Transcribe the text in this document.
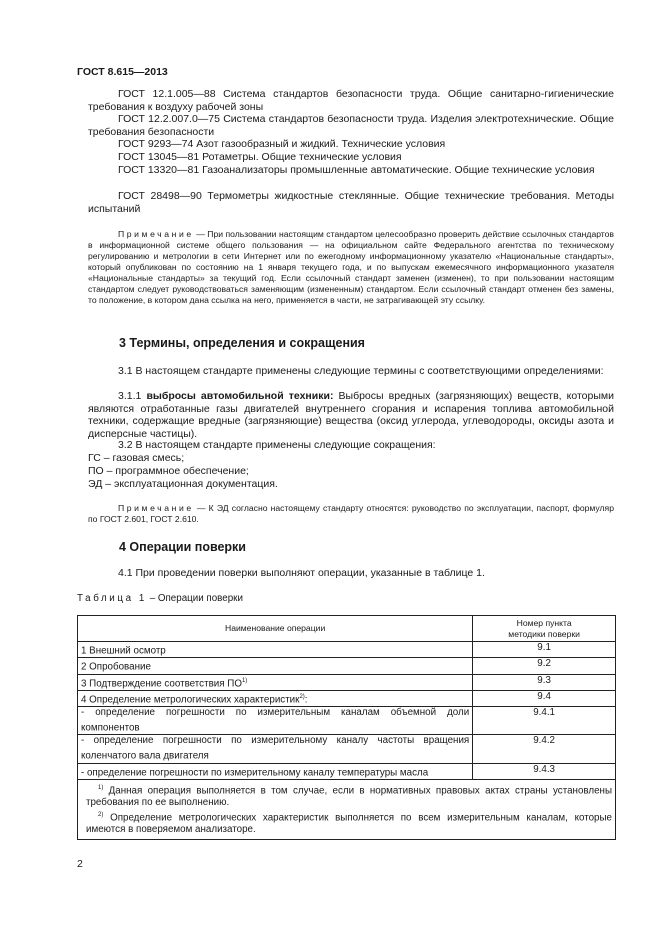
ГОСТ 8.615—2013
ГОСТ 12.1.005—88 Система стандартов безопасности труда. Общие санитарно-гигиенические требования к воздуху рабочей зоны
ГОСТ 12.2.007.0—75 Система стандартов безопасности труда. Изделия электротехнические. Общие требования безопасности
ГОСТ 9293—74 Азот газообразный и жидкий. Технические условия
ГОСТ 13045—81 Ротаметры. Общие технические условия
ГОСТ 13320—81 Газоанализаторы промышленные автоматические. Общие технические условия
ГОСТ 28498—90 Термометры жидкостные стеклянные. Общие технические требования. Методы испытаний
Примечание — При пользовании настоящим стандартом целесообразно проверить действие ссылочных стандартов в информационной системе общего пользования — на официальном сайте Федерального агентства по техническому регулированию и метрологии в сети Интернет или по ежегодному информационному указателю «Национальные стандарты», который опубликован по состоянию на 1 января текущего года, и по выпускам ежемесячного информационного указателя «Национальные стандарты» за текущий год. Если ссылочный стандарт заменен (изменен), то при пользовании настоящим стандартом следует руководствоваться заменяющим (измененным) стандартом. Если ссылочный стандарт отменен без замены, то положение, в котором дана ссылка на него, применяется в части, не затрагивающей эту ссылку.
3 Термины, определения и сокращения
3.1 В настоящем стандарте применены следующие термины с соответствующими определениями:
3.1.1 выбросы автомобильной техники: Выбросы вредных (загрязняющих) веществ, которыми являются отработанные газы двигателей внутреннего сгорания и испарения топлива автомобильной техники, содержащие вредные (загрязняющие) вещества (оксид углерода, углеводороды, оксиды азота и дисперсные частицы).
3.2 В настоящем стандарте применены следующие сокращения:
ГС – газовая смесь;
ПО – программное обеспечение;
ЭД – эксплуатационная документация.
Примечание — К ЭД согласно настоящему стандарту относятся: руководство по эксплуатации, паспорт, формуляр по ГОСТ 2.601, ГОСТ 2.610.
4 Операции поверки
4.1 При проведении поверки выполняют операции, указанные в таблице 1.
Таблица 1 – Операции поверки
Наименование операции	Номер пункта
методики поверки
1 Внешний осмотр	9.1
2 Опробование	9.2
3 Подтверждение соответствия ПО$^{1)}$	9.3
4 Определение метрологических характеристик$^{2)}$:	9.4
- определение погрешности по измерительным каналам объемной доли компонентов	9.4.1
- определение погрешности по измерительному каналу частоты вращения коленчатого вала двигателя	9.4.2
- определение погрешности по измерительному каналу температуры масла	9.4.3

$^{1)}$ Данная операция выполняется в том случае, если в нормативных правовых актах страны установлены требования по ее выполнению.
$^{2)}$ Определение метрологических характеристик выполняется по всем измерительным каналам, которые имеются в поверяемом анализаторе.	
2
